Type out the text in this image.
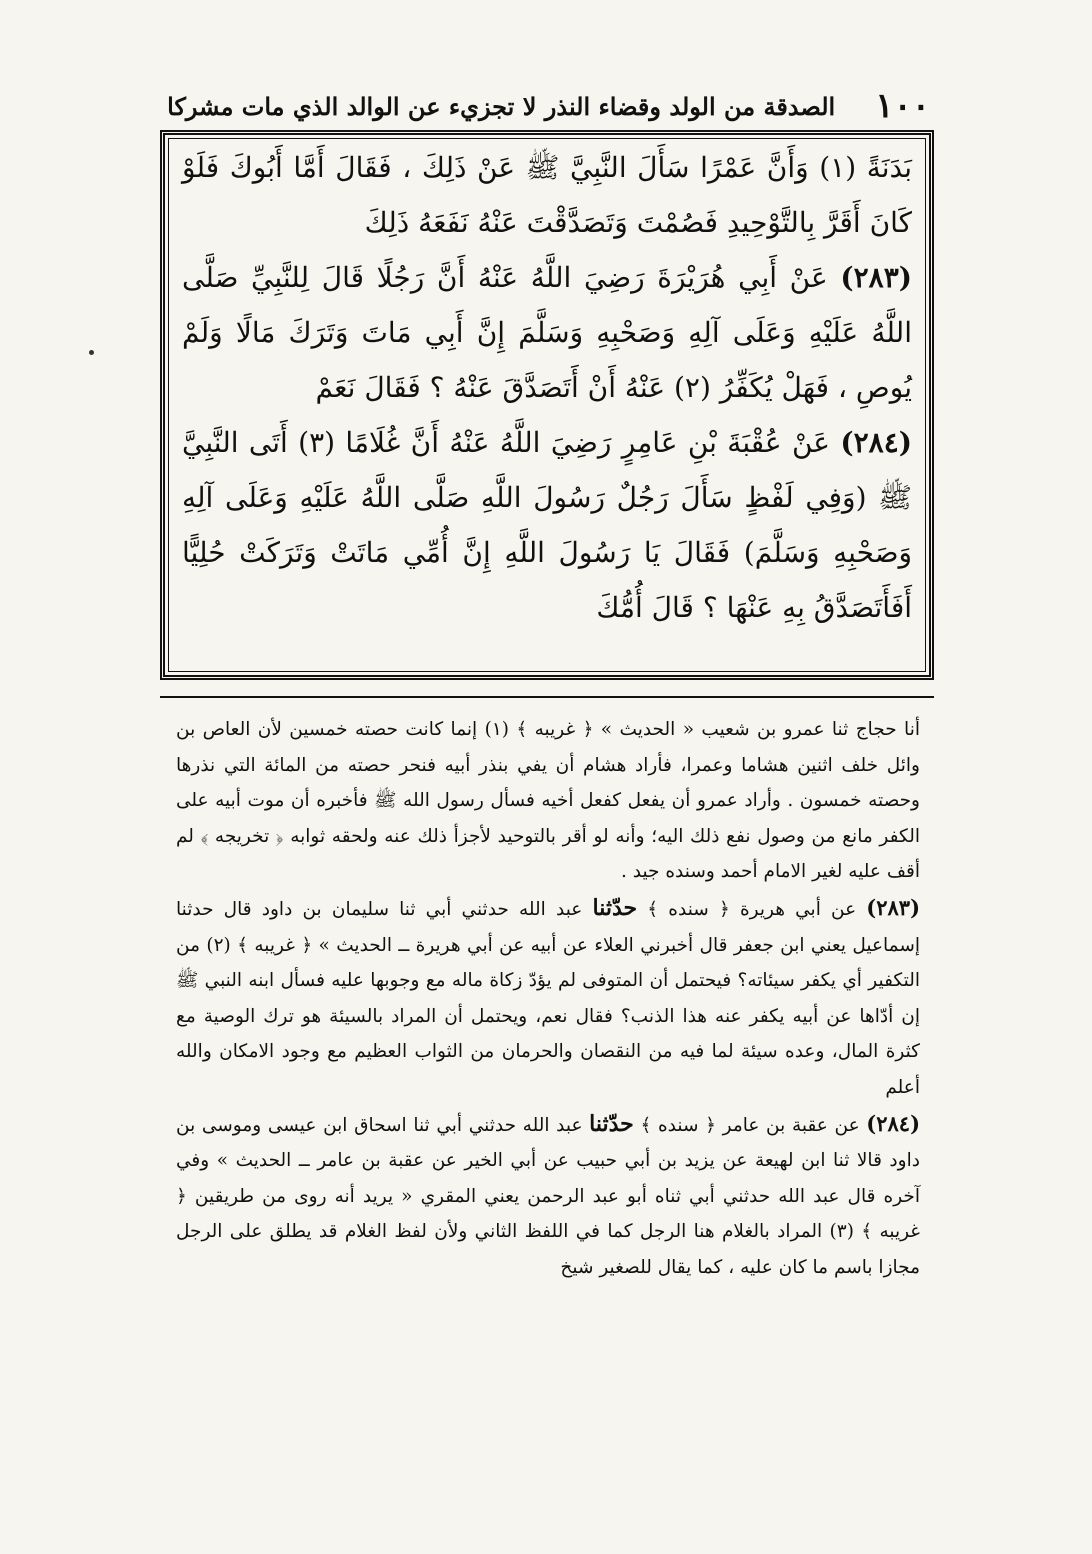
١٠٠
الصدقة من الولد وقضاء النذر لا تجزيء عن الوالد الذي مات مشركا

بَدَنَةً (١) وَأَنَّ عَمْرًا سَأَلَ النَّبِيَّ ﷺ عَنْ ذَلِكَ ، فَقَالَ أَمَّا أَبُوكَ فَلَوْ كَانَ أَقَرَّ بِالتَّوْحِيدِ فَصُمْتَ وَتَصَدَّقْتَ عَنْهُ نَفَعَهُ ذَلِكَ

(٢٨٣) عَنْ أَبِي هُرَيْرَةَ رَضِيَ اللَّهُ عَنْهُ أَنَّ رَجُلًا قَالَ لِلنَّبِيِّ صَلَّى اللَّهُ عَلَيْهِ وَعَلَى آلِهِ وَصَحْبِهِ وَسَلَّمَ إِنَّ أَبِي مَاتَ وَتَرَكَ مَالًا وَلَمْ يُوصِ ، فَهَلْ يُكَفِّرُ (٢) عَنْهُ أَنْ أَتَصَدَّقَ عَنْهُ ؟ فَقَالَ نَعَمْ

(٢٨٤) عَنْ عُقْبَةَ بْنِ عَامِرٍ رَضِيَ اللَّهُ عَنْهُ أَنَّ غُلَامًا (٣) أَتَى النَّبِيَّ ﷺ (وَفِي لَفْظٍ سَأَلَ رَجُلٌ رَسُولَ اللَّهِ صَلَّى اللَّهُ عَلَيْهِ وَعَلَى آلِهِ وَصَحْبِهِ وَسَلَّمَ) فَقَالَ يَا رَسُولَ اللَّهِ إِنَّ أُمِّي مَاتَتْ وَتَرَكَتْ حُلِيًّا أَفَأَتَصَدَّقُ بِهِ عَنْهَا ؟ قَالَ أُمُّكَ

أنا حجاج ثنا عمرو بن شعيب « الحديث » ﴿ غريبه ﴾ (١) إنما كانت حصته خمسين لأن العاص بن وائل خلف اثنين هشاما وعمرا، فأراد هشام أن يفي بنذر أبيه فنحر حصته من المائة التي نذرها وحصته خمسون . وأراد عمرو أن يفعل كفعل أخيه فسأل رسول الله ﷺ فأخبره أن موت أبيه على الكفر مانع من وصول نفع ذلك اليه؛ وأنه لو أقر بالتوحيد لأجزأ ذلك عنه ولحقه ثوابه ﴿ تخريجه ﴾ لم أقف عليه لغير الامام أحمد وسنده جيد .

(٢٨٣) عن أبي هريرة ﴿ سنده ﴾ حدّثنا عبد الله حدثني أبي ثنا سليمان بن داود قال حدثنا إسماعيل يعني ابن جعفر قال أخبرني العلاء عن أبيه عن أبي هريرة ــ الحديث » ﴿ غريبه ﴾ (٢) من التكفير أي يكفر سيئاته؟ فيحتمل أن المتوفى لم يؤدّ زكاة ماله مع وجوبها عليه فسأل ابنه النبي ﷺ إن أدّاها عن أبيه يكفر عنه هذا الذنب؟ فقال نعم، ويحتمل أن المراد بالسيئة هو ترك الوصية مع كثرة المال، وعده سيئة لما فيه من النقصان والحرمان من الثواب العظيم مع وجود الامكان والله أعلم

(٢٨٤) عن عقبة بن عامر ﴿ سنده ﴾ حدّثنا عبد الله حدثني أبي ثنا اسحاق ابن عيسى وموسى بن داود قالا ثنا ابن لهيعة عن يزيد بن أبي حبيب عن أبي الخير عن عقبة بن عامر ــ الحديث » وفي آخره قال عبد الله حدثني أبي ثناه أبو عبد الرحمن يعني المقري « يريد أنه روى من طريقين ﴿ غريبه ﴾ (٣) المراد بالغلام هنا الرجل كما في اللفظ الثاني ولأن لفظ الغلام قد يطلق على الرجل مجازا باسم ما كان عليه ، كما يقال للصغير شيخ
